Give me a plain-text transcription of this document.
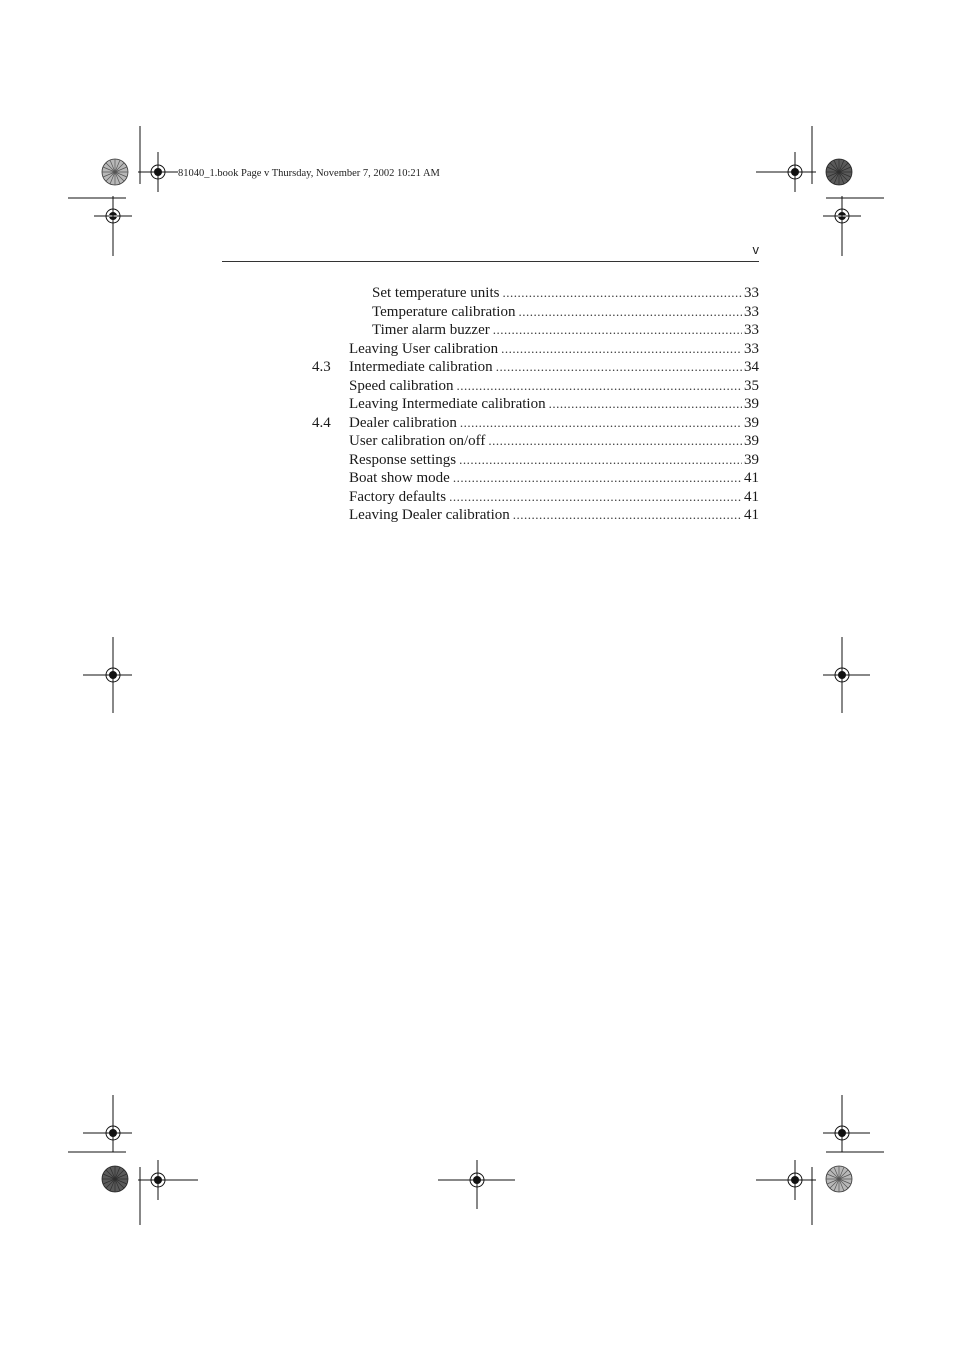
81040_1.book Page v Thursday, November 7, 2002 10:21 AM
v
Set temperature units .....	33
Temperature calibration .....	33
Timer alarm buzzer .....	33
Leaving User calibration .....	33
4.3	Intermediate calibration .....	34
Speed calibration .....	35
Leaving Intermediate calibration .....	39
4.4	Dealer calibration .....	39
User calibration on/off .....	39
Response settings .....	39
Boat show mode .....	41
Factory defaults .....	41
Leaving Dealer calibration .....	41
